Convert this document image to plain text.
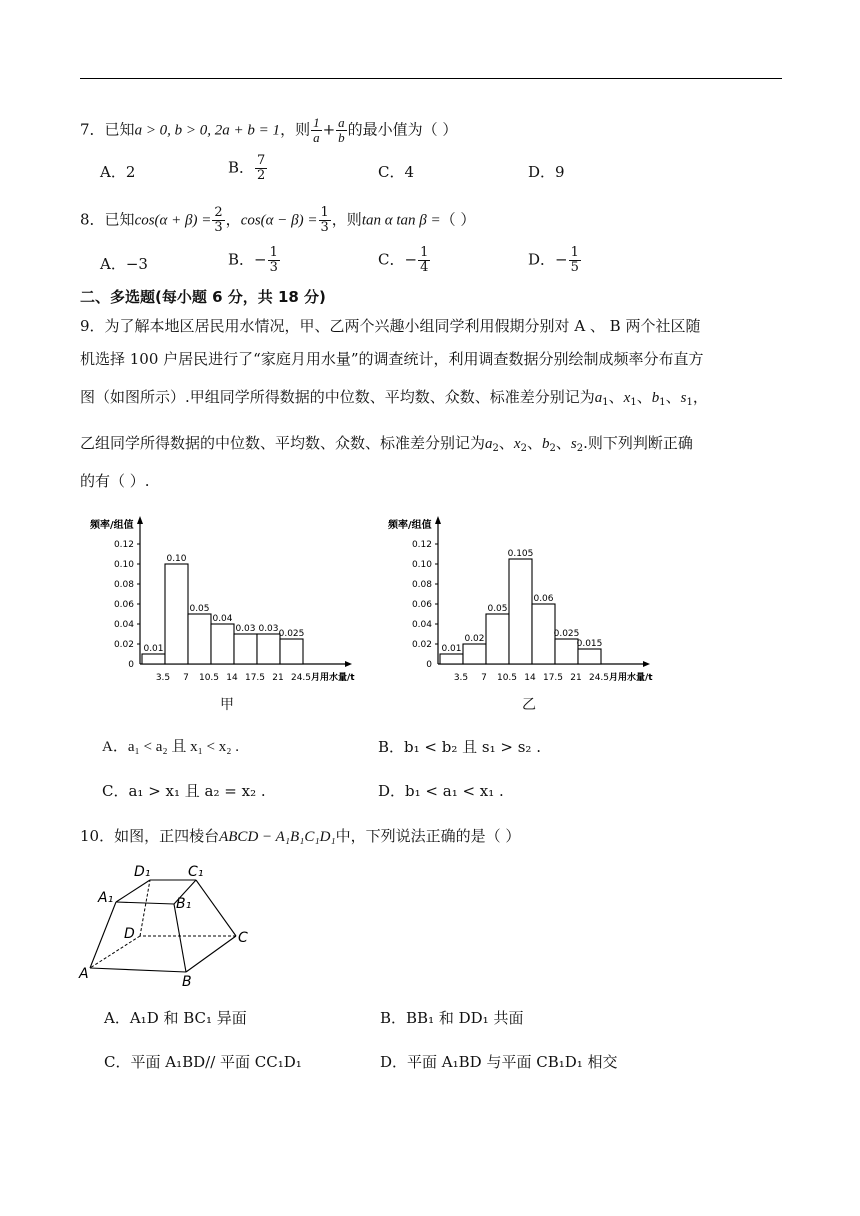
7．已知a > 0, b > 0, 2a + b = 1，则 $\frac{1}{a} + \frac{a}{b}$ 的最小值为（ ）
A．2	B． $\frac{7}{2}$	C．4	D．9
8．已知$\cos(\alpha + \beta) = \frac{2}{3}$ ，$\cos(\alpha - \beta) = \frac{1}{3}$ ，则tan α tan β =（ ）
A．−3	B．− $\frac{1}{3}$	C．− $\frac{1}{4}$	D．− $\frac{1}{5}$
二、多选题(每小题 6 分，共 18 分)
9．为了解本地区居民用水情况，甲、乙两个兴趣小组同学利用假期分别对 A 、 B 两个社区随
机选择 100 户居民进行了“家庭月用水量”的调查统计，利用调查数据分别绘制成频率分布直方
图（如图所示）.甲组同学所得数据的中位数、平均数、众数、标准差分别记为$a_1$、$x_1$、$b_1$、$s_1$，
乙组同学所得数据的中位数、平均数、众数、标准差分别记为$a_2$、$x_2$、$b_2$、$s_2$.则下列判断正确
的有（ ）.
频率/组值
0.12
0.10
0.08
0.06
0.04
0.02
0
0.01
0.10
0.05
0.04
0.03 0.03 0.025
3.5 7 10.5 14 17.5 21 24.5 月用水量/t
频率/组值
0.12
0.10
0.08
0.06
0.04
0.02
0
0.01
0.02
0.05
0.105
0.06
0.025
0.015
3.5 7 10.5 14 17.5 21 24.5 月用水量/t
甲	乙
A．a₁ < a₂ 且 x₁ < x₂ .	B．b₁ < b₂ 且 s₁ > s₂ .
C．a₁ > x₁ 且 a₂ = x₂ .	D．b₁ < a₁ < x₁ .
10．如图，正四棱台ABCD − A₁B₁C₁D₁中，下列说法正确的是（ ）
D₁	C₁
A₁	B₁
D	C
A	B
A．A₁D 和 BC₁ 异面	B．BB₁ 和 DD₁ 共面
C．平面 A₁BD// 平面 CC₁D₁	D．平面 A₁BD 与平面 CB₁D₁ 相交
